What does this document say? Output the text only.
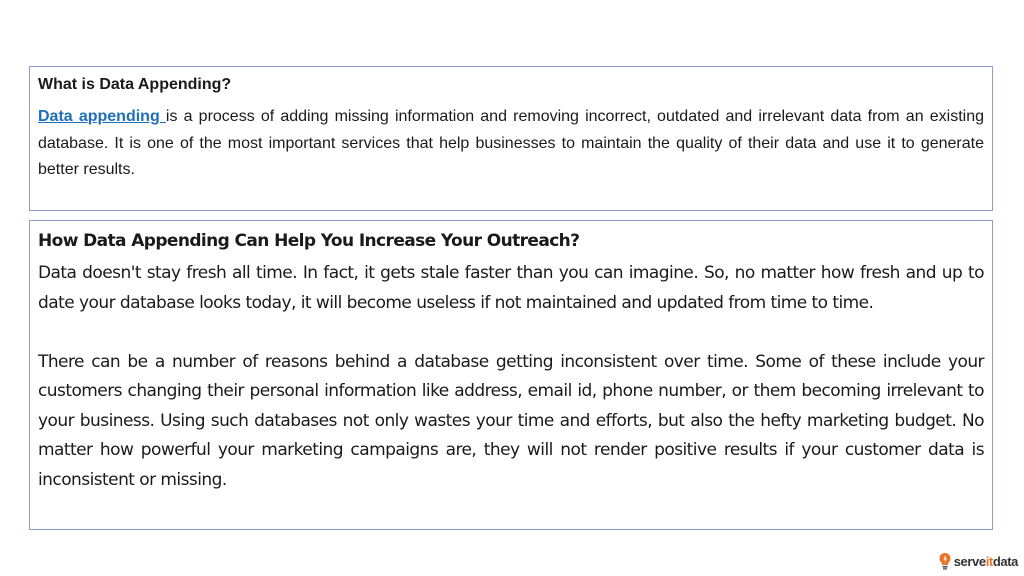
What is Data Appending?

Data appending is a process of adding missing information and removing incorrect, outdated and irrelevant data from an existing database. It is one of the most important services that help businesses to maintain the quality of their data and use it to generate better results.

How Data Appending Can Help You Increase Your Outreach?

Data doesn't stay fresh all time. In fact, it gets stale faster than you can imagine. So, no matter how fresh and up to date your database looks today, it will become useless if not maintained and updated from time to time.

There can be a number of reasons behind a database getting inconsistent over time. Some of these include your customers changing their personal information like address, email id, phone number, or them becoming irrelevant to your business. Using such databases not only wastes your time and efforts, but also the hefty marketing budget. No matter how powerful your marketing campaigns are, they will not render positive results if your customer data is inconsistent or missing.

serveitdata
